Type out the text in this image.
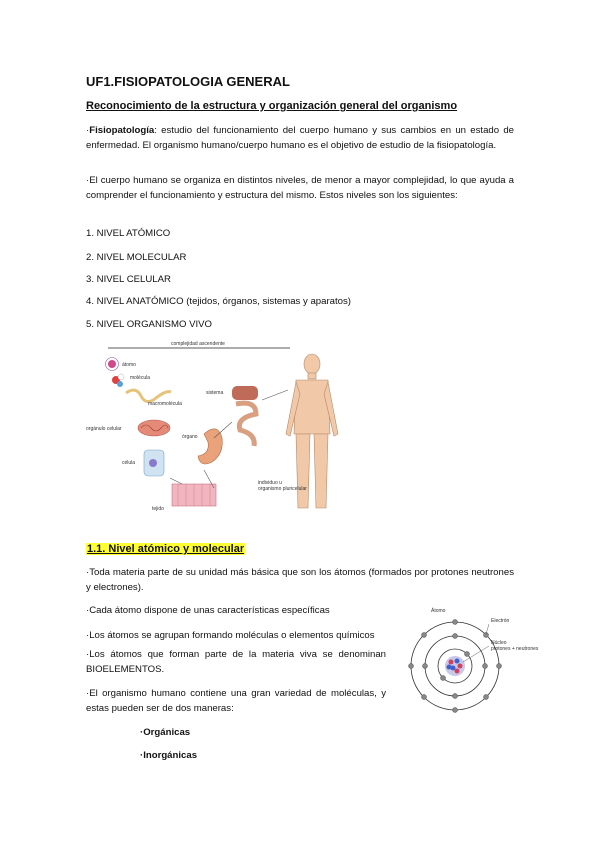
UF1.FISIOPATOLOGIA GENERAL
Reconocimiento de la estructura y organización general del organismo
·Fisiopatología: estudio del funcionamiento del cuerpo humano y sus cambios en un estado de enfermedad. El organismo humano/cuerpo humano es el objetivo de estudio de la fisiopatología.
·El cuerpo humano se organiza en distintos niveles, de menor a mayor complejidad, lo que ayuda a comprender el funcionamiento y estructura del mismo. Estos niveles son los siguientes:
1. NIVEL ATÓMICO
2. NIVEL MOLECULAR
3. NIVEL CELULAR
4. NIVEL ANATÓMICO (tejidos, órganos, sistemas y aparatos)
5. NIVEL ORGANISMO VIVO
complejidad ascendente
átomo
molécula
macromolécula
orgánulo celular
célula
tejido
órgano
sistema
individuo u
organismo pluricelular
1.1. Nivel atómico y molecular
·Toda materia parte de su unidad más básica que son los átomos (formados por protones neutrones y electrones).
·Cada átomo dispone de unas características específicas
·Los átomos se agrupan formando moléculas o elementos químicos
·Los átomos que forman parte de la materia viva se denominan BIOELEMENTOS.
·El organismo humano contiene una gran variedad de moléculas, y estas pueden ser de dos maneras:
·Orgánicas
·Inorgánicas
Átomo
Electrón
Núcleo
protones + neutrones
